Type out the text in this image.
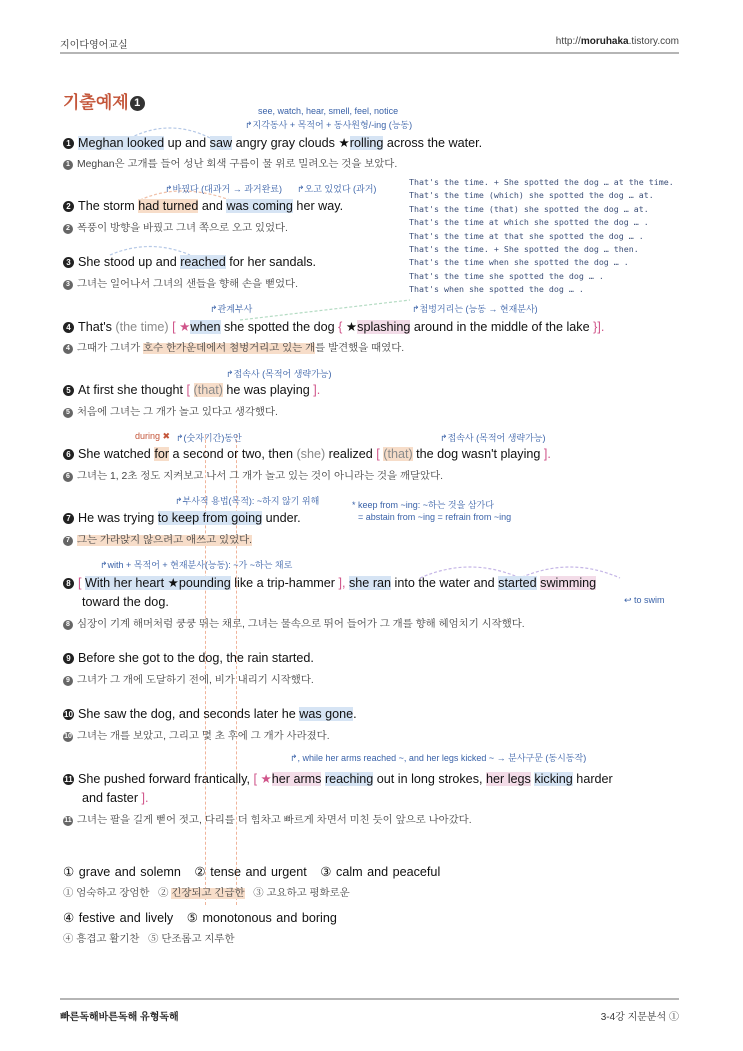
지이다영어교실	http://moruhaka.tistory.com
기출예제 1
see, watch, hear, smell, feel, notice
↱지각동사 + 목적어 + 동사원형/-ing (능동)
1 Meghan looked up and saw angry gray clouds ★rolling across the water.
1 Meghan은 고개를 들어 성난 회색 구름이 물 위로 밀려오는 것을 보았다.
↱바꿨다 (대과거 → 과거완료) ↱오고 있었다 (과거)
2 The storm had turned and was coming her way.
2 폭풍이 방향을 바꿨고 그녀 쪽으로 오고 있었다.
That's the time. + She spotted the dog … at the time.
That's the time (which) she spotted the dog … at.
That's the time (that) she spotted the dog … at.
That's the time at which she spotted the dog … .
That's the time at that she spotted the dog … .
That's the time. + She spotted the dog … then.
That's the time when she spotted the dog … .
That's the time she spotted the dog … .
That's when she spotted the dog … .
3 She stood up and reached for her sandals.
3 그녀는 일어나서 그녀의 샌들을 향해 손을 뻗었다.
↱관계부사	↱첨벙거리는 (능동 → 현재분사)
4 That's (the time) [ ★when she spotted the dog { ★splashing around in the middle of the lake }].
4 그때가 그녀가 호수 한가운데에서 첨벙거리고 있는 개를 발견했을 때였다.
↱접속사 (목적어 생략가능)
5 At first she thought [ (that) he was playing ].
5 처음에 그녀는 그 개가 놀고 있다고 생각했다.
during ✖ ↱(숫자기간)동안	↱접속사 (목적어 생략가능)
6 She watched for a second or two, then (she) realized [ (that) the dog wasn't playing ].
6 그녀는 1, 2초 정도 지켜보고 나서 그 개가 놀고 있는 것이 아니라는 것을 깨달았다.
↱부사적 용법(목적): ~하지 않기 위해	* keep from ~ing: ~하는 것을 삼가다
= abstain from ~ing = refrain from ~ing
7 He was trying to keep from going under.
7 그는 가라앉지 않으려고 애쓰고 있었다.
↱with + 목적어 + 현재분사(능동): ~가 ~하는 채로
8 [ With her heart ★pounding like a trip-hammer ], she ran into the water and started swimming
toward the dog.	↩ to swim
8 심장이 기계 해머처럼 쿵쿵 뛰는 채로, 그녀는 물속으로 뛰어 들어가 그 개를 향해 헤엄치기 시작했다.
9 Before she got to the dog, the rain started.
9 그녀가 그 개에 도달하기 전에, 비가 내리기 시작했다.
10 She saw the dog, and seconds later he was gone.
10 그녀는 개를 보았고, 그리고 몇 초 후에 그 개가 사라졌다.
↱, while her arms reached ~, and her legs kicked ~ → 분사구문 (동시동작)
11 She pushed forward frantically, [ ★her arms reaching out in long strokes, her legs kicking harder
and faster ].
11 그녀는 팔을 길게 뻗어 젓고, 다리를 더 힘차고 빠르게 차면서 미친 듯이 앞으로 나아갔다.
① grave and solemn ② tense and urgent ③ calm and peaceful
① 엄숙하고 장엄한 ② 긴장되고 긴급한 ③ 고요하고 평화로운
④ festive and lively ⑤ monotonous and boring
④ 흥겹고 활기찬 ⑤ 단조롭고 지루한
빠른독해바른독해 유형독해	3-4강 지문분석 ①
